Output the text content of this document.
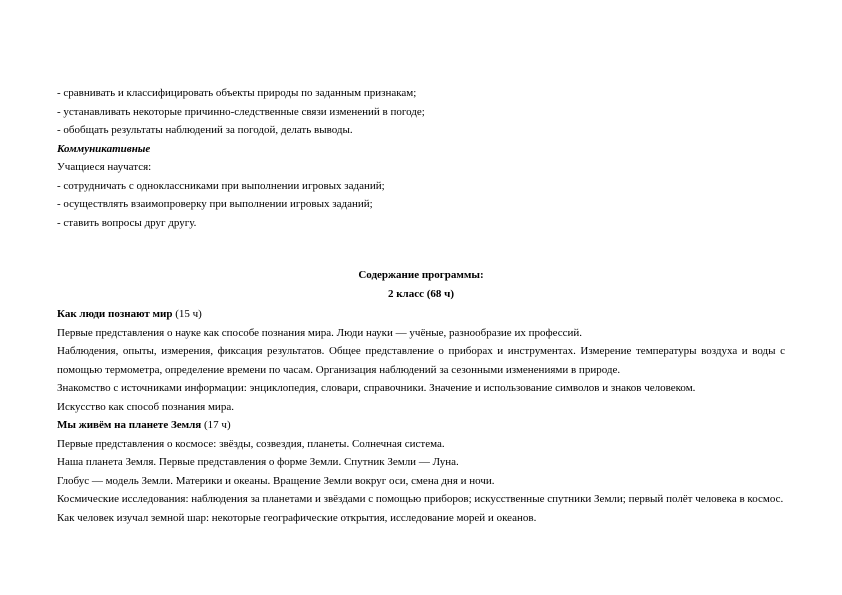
- сравнивать и классифицировать объекты природы по заданным признакам;
- устанавливать некоторые причинно-следственные связи изменений в погоде;
- обобщать результаты наблюдений за погодой, делать выводы.
Коммуникативные
Учащиеся научатся:
- сотрудничать с одноклассниками при выполнении игровых заданий;
- осуществлять взаимопроверку при выполнении игровых заданий;
- ставить вопросы друг другу.
Содержание программы:
2 класс (68 ч)
Как люди познают мир (15 ч)
Первые представления о науке как способе познания мира. Люди науки — учёные, разнообразие их профессий.
Наблюдения, опыты, измерения, фиксация результатов. Общее представление о приборах и инструментах. Измерение температуры воздуха и воды с помощью термометра, определение времени по часам. Организация наблюдений за сезонными изменениями в природе.
Знакомство с источниками информации: энциклопедия, словари, справочники. Значение и использование символов и знаков человеком.
Искусство как способ познания мира.
Мы живём на планете Земля (17 ч)
Первые представления о космосе: звёзды, созвездия, планеты. Солнечная система.
Наша планета Земля. Первые представления о форме Земли. Спутник Земли — Луна.
Глобус — модель Земли. Материки и океаны. Вращение Земли вокруг оси, смена дня и ночи.
Космические исследования: наблюдения за планетами и звёздами с помощью приборов; искусственные спутники Земли; первый полёт человека в космос.
Как человек изучал земной шар: некоторые географические открытия, исследование морей и океанов.
